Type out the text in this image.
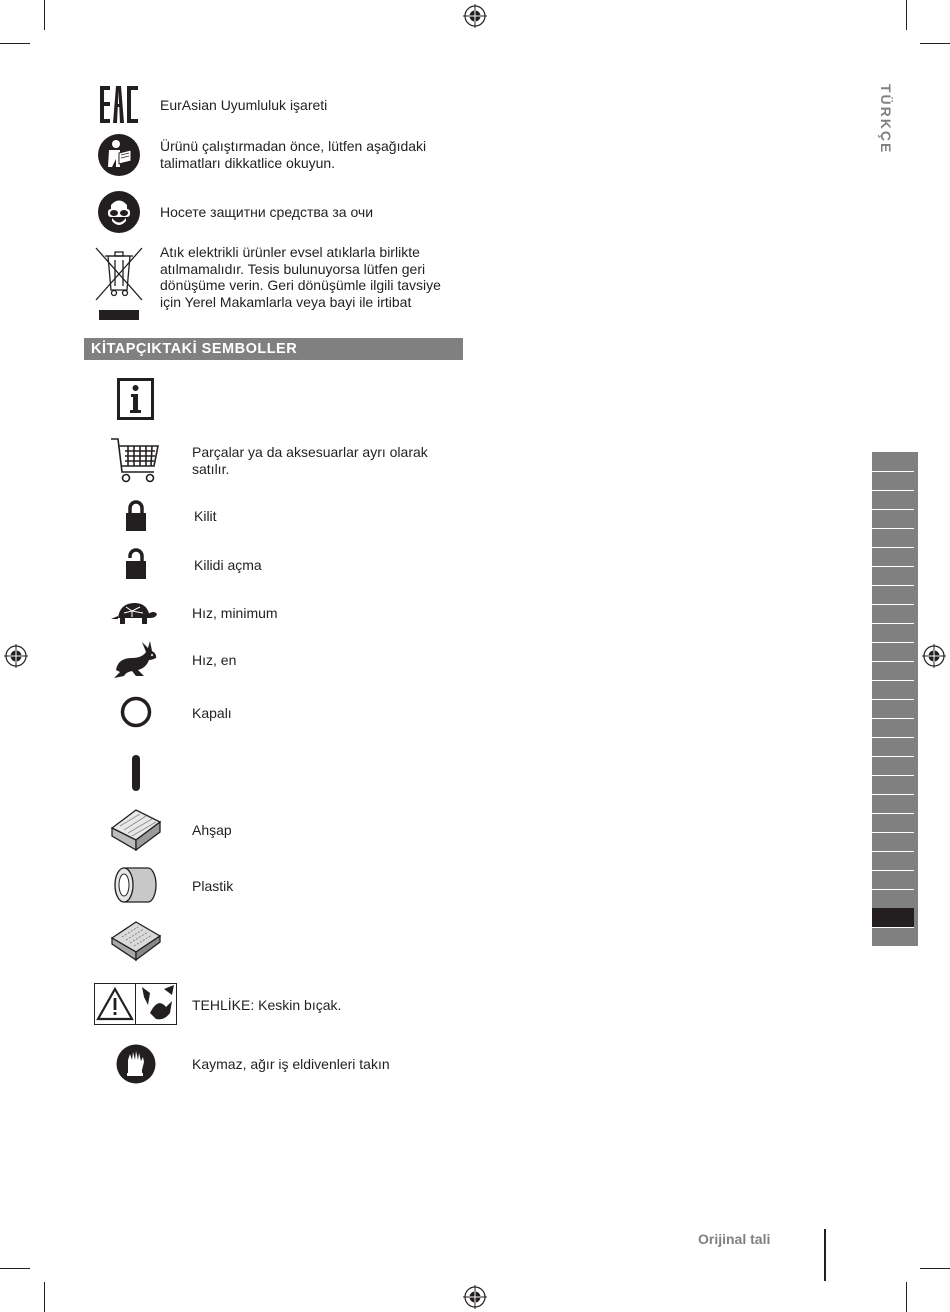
TÜRKÇE
EurAsian Uyumluluk işareti
Ürünü çalıştırmadan önce, lütfen aşağıdaki talimatları dikkatlice okuyun.
Носете защитни средства за очи
Atık elektrikli ürünler evsel atıklarla birlikte atılmamalıdır. Tesis bulunuyorsa lütfen geri dönüşüme verin. Geri dönüşümle ilgili tavsiye için Yerel Makamlarla veya bayi ile irtibat
KİTAPÇIKTAKİ SEMBOLLER
Parçalar ya da aksesuarlar ayrı olarak satılır.
Kilit
Kilidi açma
Hız, minimum
Hız, en
Kapalı
Ahşap
Plastik
TEHLİKE: Keskin bıçak.
Kaymaz, ağır iş eldivenleri takın
Orijinal tali
